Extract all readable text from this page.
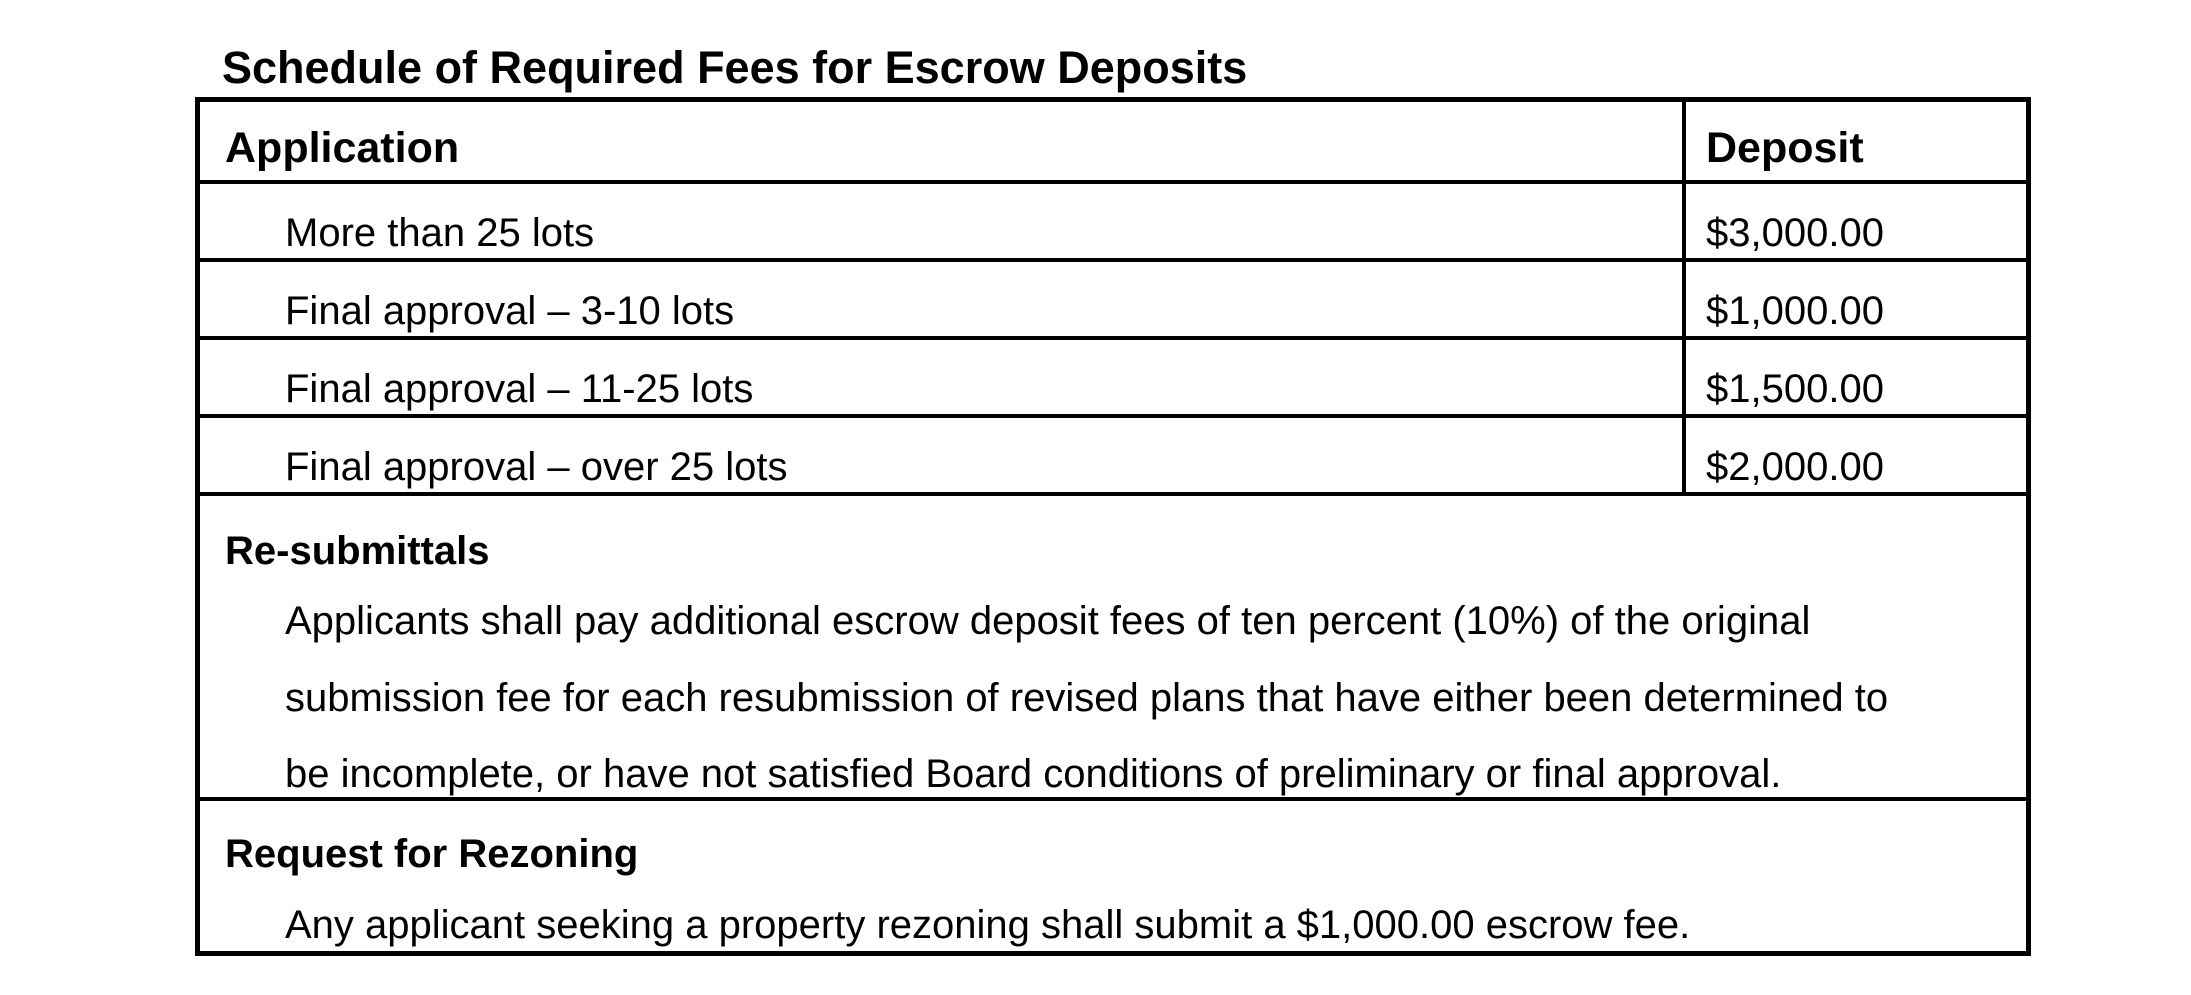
Schedule of Required Fees for Escrow Deposits
Application	Deposit
More than 25 lots	$3,000.00
Final approval – 3-10 lots	$1,000.00
Final approval – 11-25 lots	$1,500.00
Final approval – over 25 lots	$2,000.00
Re-submittals
Applicants shall pay additional escrow deposit fees of ten percent (10%) of the original
submission fee for each resubmission of revised plans that have either been determined to
be incomplete, or have not satisfied Board conditions of preliminary or final approval.
Request for Rezoning
Any applicant seeking a property rezoning shall submit a $1,000.00 escrow fee.
